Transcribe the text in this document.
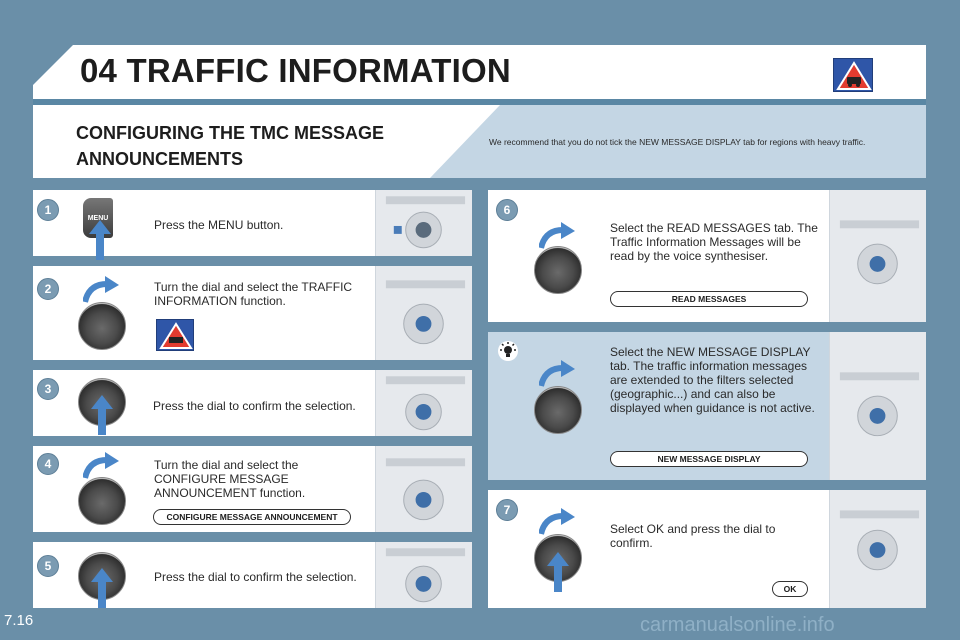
04 TRAFFIC INFORMATION
CONFIGURING THE TMC MESSAGE ANNOUNCEMENTS
We recommend that you do not tick the NEW MESSAGE DISPLAY tab for regions with heavy traffic.
1
MENU	Press the MENU button.
2	Turn the dial and select the TRAFFIC INFORMATION function.
3
Press the dial to confirm the selection.
4	Turn the dial and select the CONFIGURE MESSAGE ANNOUNCEMENT function.
CONFIGURE MESSAGE ANNOUNCEMENT
5
Press the dial to confirm the selection.
6
Select the READ MESSAGES tab. The Traffic Information Messages will be read by the voice synthesiser.
READ MESSAGES
Select the NEW MESSAGE DISPLAY tab. The traffic information messages are extended to the filters selected (geographic...) and can also be displayed when guidance is not active.
NEW MESSAGE DISPLAY
7
Select OK and press the dial to confirm.
OK
7.16	carmanualsonline.info
